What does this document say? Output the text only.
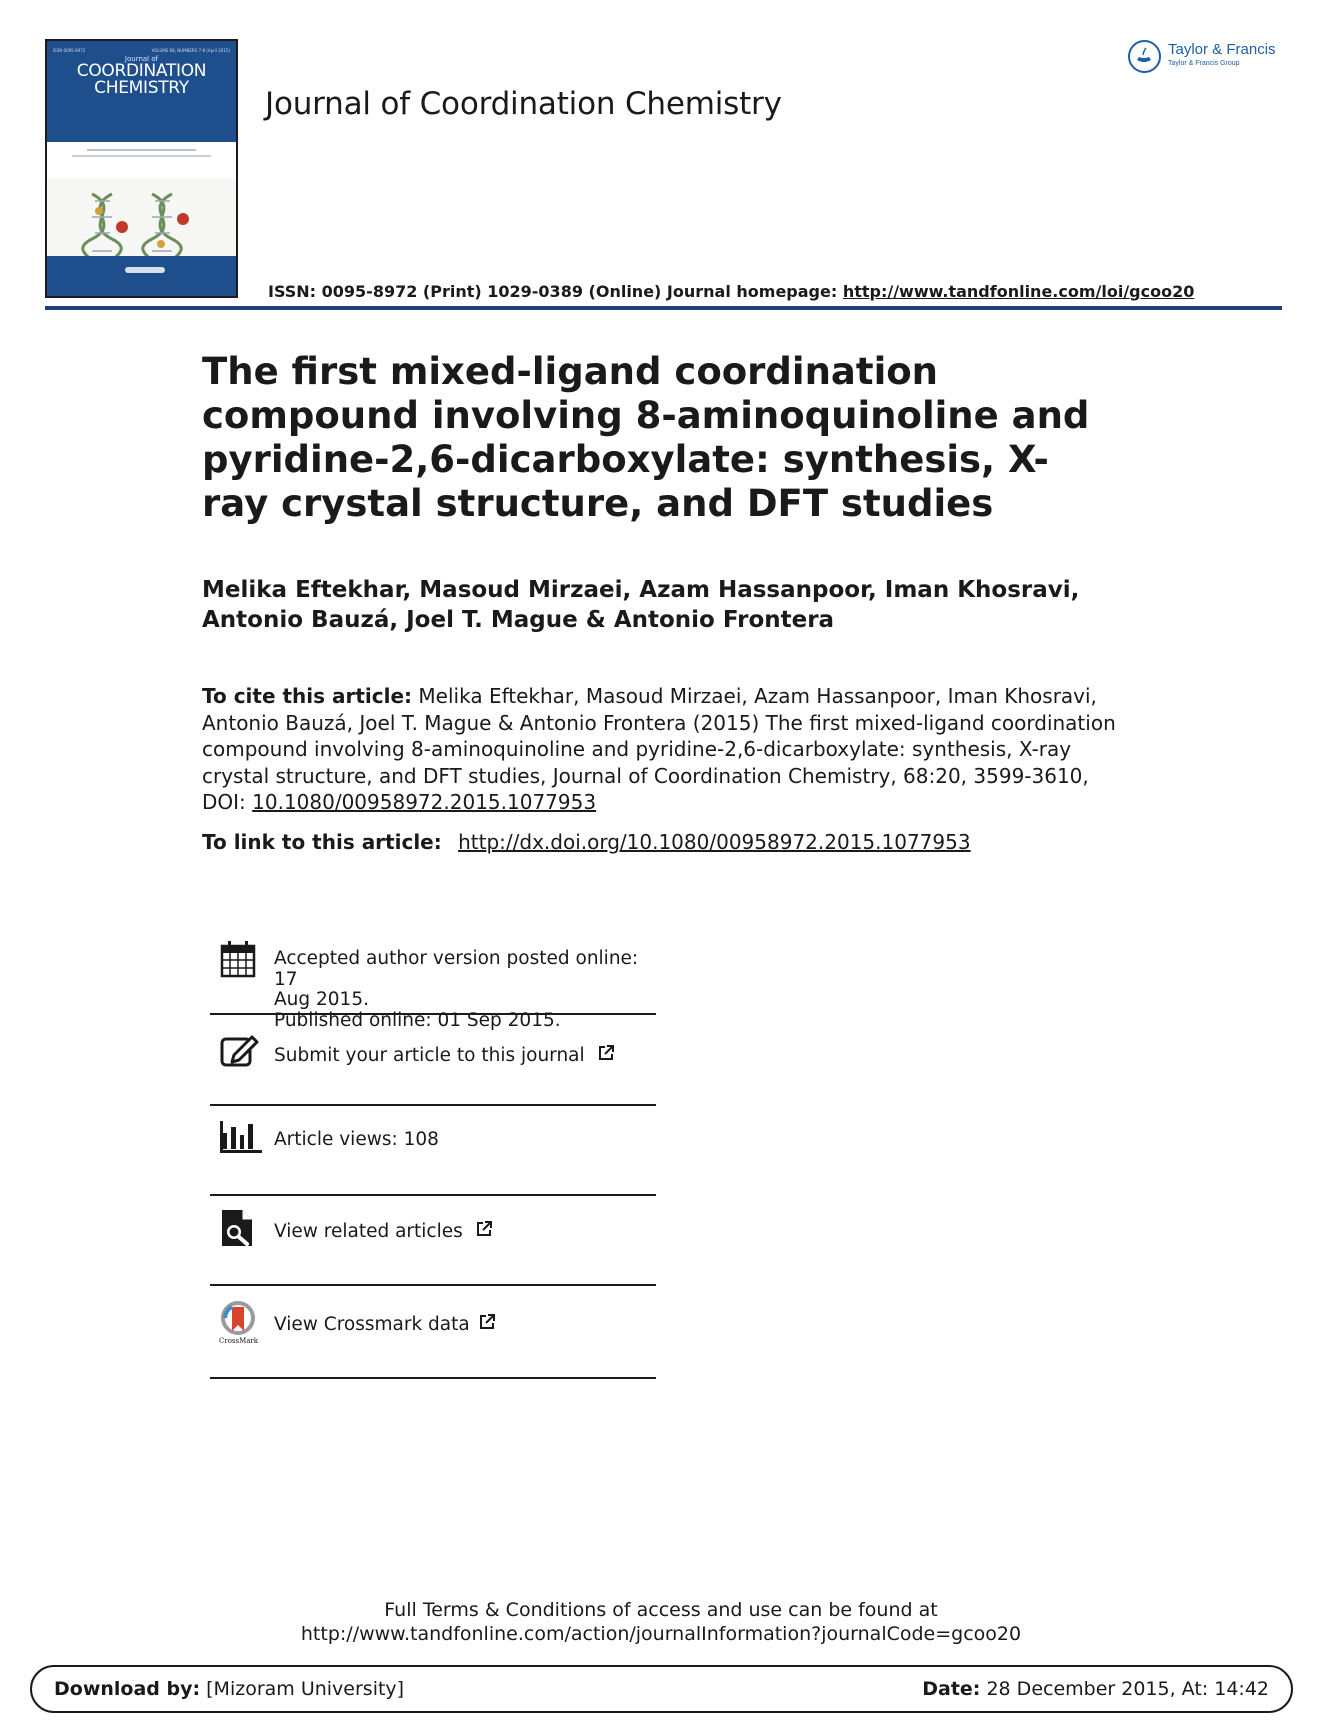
ISSN 0095-8972	VOLUME 68, NUMBERS 7-8 (April 2015)
Journal of
COORDINATION
CHEMISTRY	Journal of Coordination Chemistry
Taylor & Francis
Taylor & Francis Group
ISSN: 0095-8972 (Print) 1029-0389 (Online) Journal homepage: http://www.tandfonline.com/loi/gcoo20
The first mixed-ligand coordination compound involving 8-aminoquinoline and pyridine-2,6-dicarboxylate: synthesis, X-ray crystal structure, and DFT studies

Melika Eftekhar, Masoud Mirzaei, Azam Hassanpoor, Iman Khosravi,
Antonio Bauzá, Joel T. Mague & Antonio Frontera

To cite this article: Melika Eftekhar, Masoud Mirzaei, Azam Hassanpoor, Iman Khosravi, Antonio Bauzá, Joel T. Mague & Antonio Frontera (2015) The first mixed-ligand coordination compound involving 8-aminoquinoline and pyridine-2,6-dicarboxylate: synthesis, X-ray crystal structure, and DFT studies, Journal of Coordination Chemistry, 68:20, 3599-3610, DOI: 10.1080/00958972.2015.1077953

To link to this article: http://dx.doi.org/10.1080/00958972.2015.1077953
Accepted author version posted online: 17
Aug 2015.
Published online: 01 Sep 2015.
Submit your article to this journal
Article views: 108
View related articles
CrossMark
View Crossmark data
Full Terms & Conditions of access and use can be found at
http://www.tandfonline.com/action/journalInformation?journalCode=gcoo20
Download by: [Mizoram University]	Date: 28 December 2015, At: 14:42
